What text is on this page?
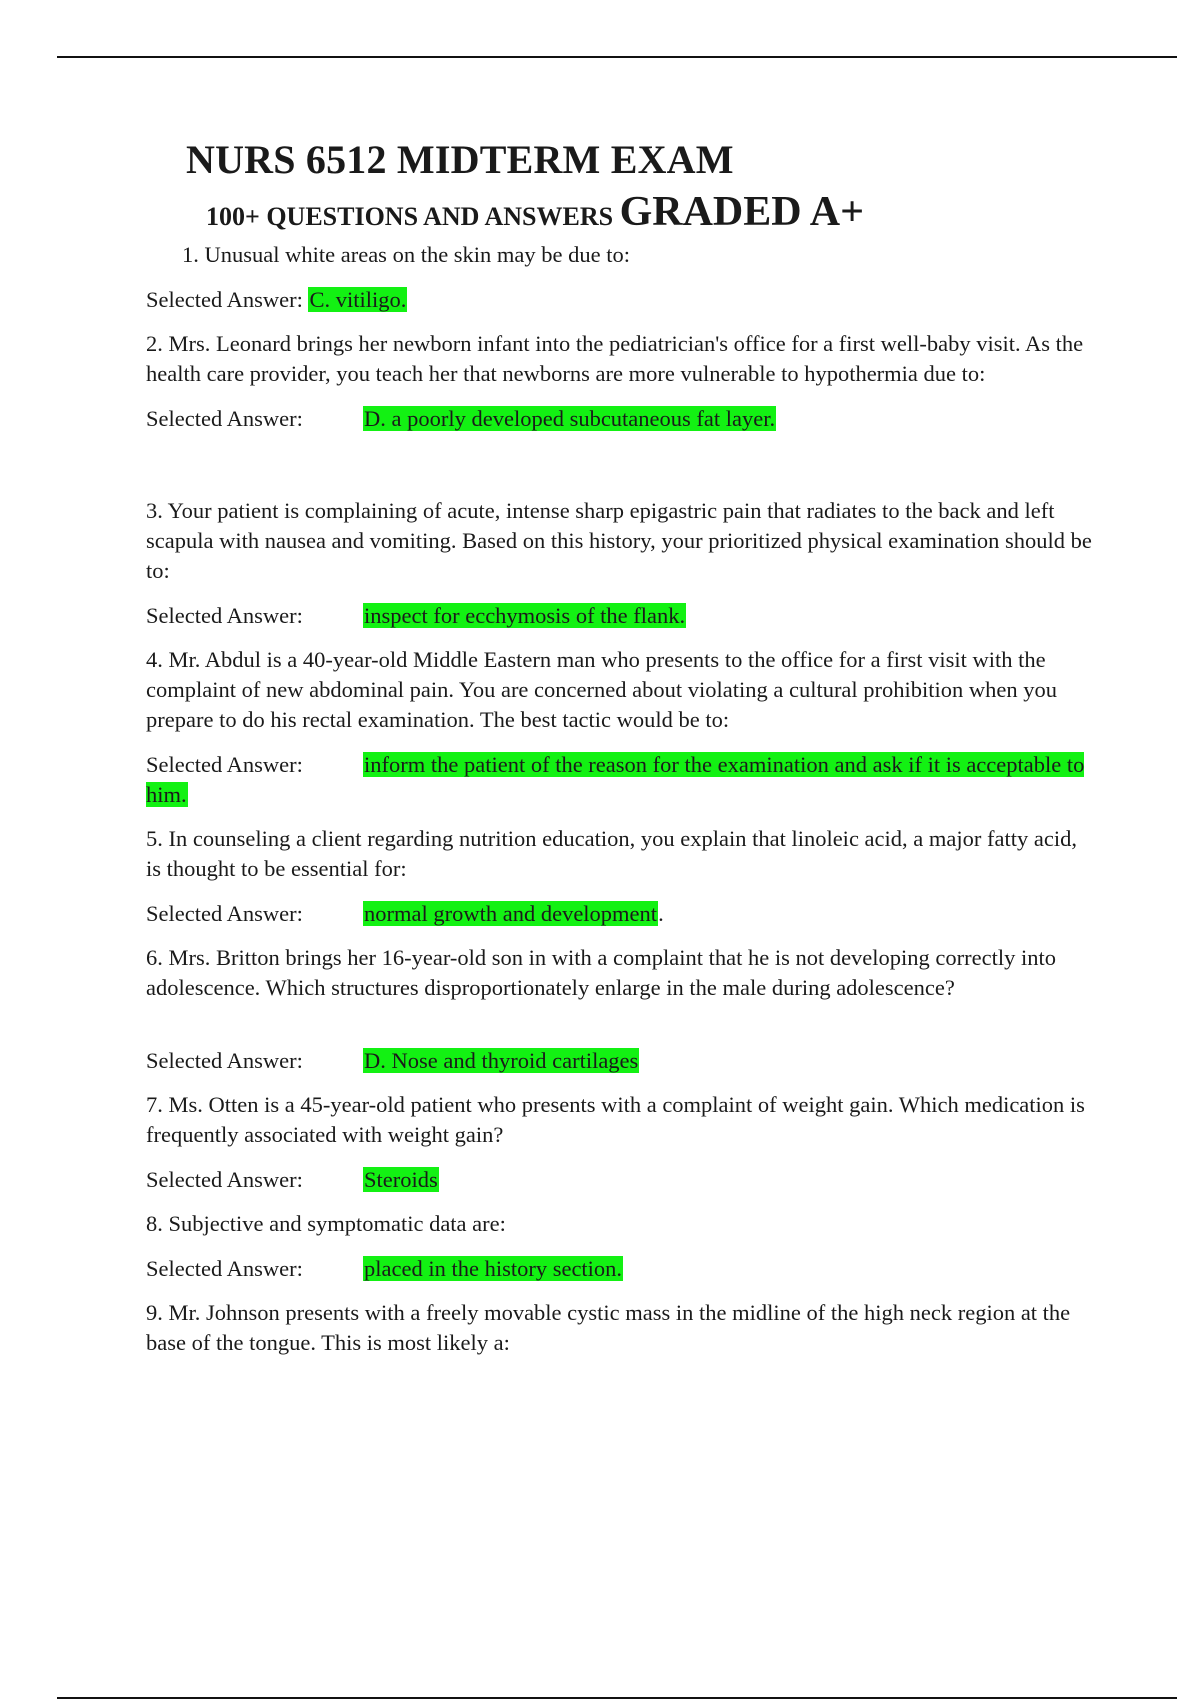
NURS 6512 MIDTERM EXAM
100+ QUESTIONS AND ANSWERS GRADED A+

1. Unusual white areas on the skin may be due to:

Selected Answer: C. vitiligo.

2. Mrs. Leonard brings her newborn infant into the pediatrician's office for a first well-baby visit. As the health care provider, you teach her that newborns are more vulnerable to hypothermia due to:

Selected Answer:	D. a poorly developed subcutaneous fat layer.

3. Your patient is complaining of acute, intense sharp epigastric pain that radiates to the back and left scapula with nausea and vomiting. Based on this history, your prioritized physical examination should be to:

Selected Answer:	inspect for ecchymosis of the flank.

4. Mr. Abdul is a 40-year-old Middle Eastern man who presents to the office for a first visit with the complaint of new abdominal pain. You are concerned about violating a cultural prohibition when you prepare to do his rectal examination. The best tactic would be to:

Selected Answer:	inform the patient of the reason for the examination and ask if it is acceptable to him.

5. In counseling a client regarding nutrition education, you explain that linoleic acid, a major fatty acid, is thought to be essential for:

Selected Answer:	normal growth and development.

6. Mrs. Britton brings her 16-year-old son in with a complaint that he is not developing correctly into adolescence. Which structures disproportionately enlarge in the male during adolescence?

Selected Answer:	D. Nose and thyroid cartilages

7. Ms. Otten is a 45-year-old patient who presents with a complaint of weight gain. Which medication is frequently associated with weight gain?

Selected Answer:	Steroids

8. Subjective and symptomatic data are:

Selected Answer:	placed in the history section.

9. Mr. Johnson presents with a freely movable cystic mass in the midline of the high neck region at the base of the tongue. This is most likely a:
